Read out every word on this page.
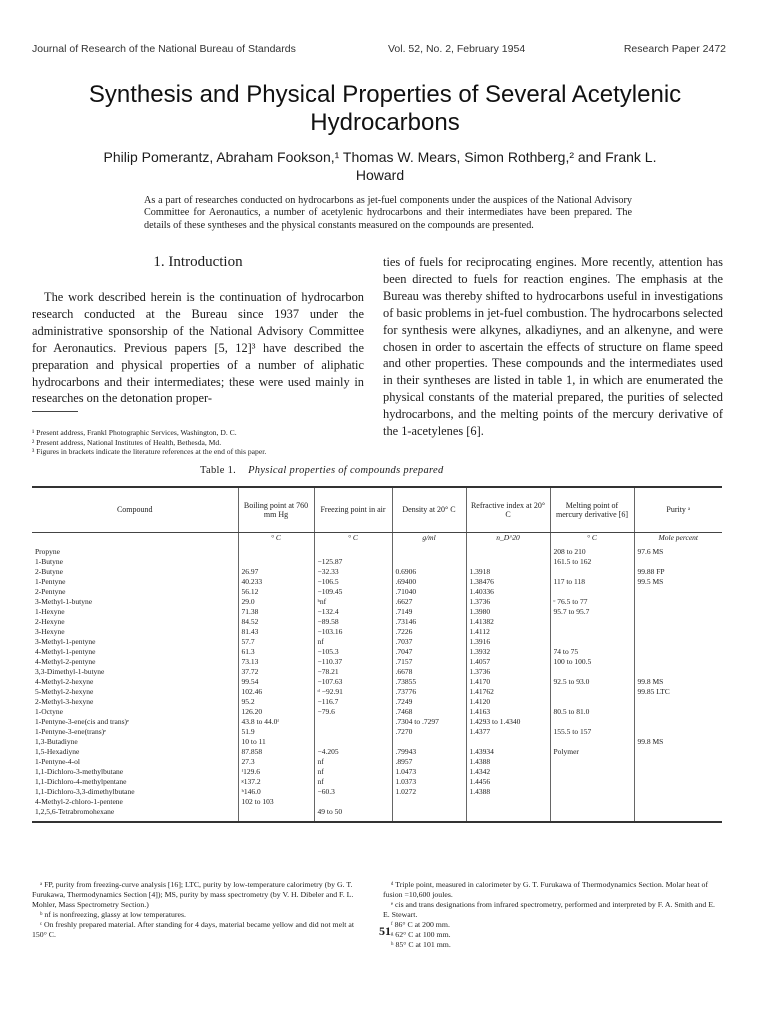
Journal of Research of the National Bureau of Standards	Vol. 52, No. 2, February 1954	Research Paper 2472
Synthesis and Physical Properties of Several Acetylenic
Hydrocarbons
Philip Pomerantz, Abraham Fookson,¹ Thomas W. Mears, Simon Rothberg,² and Frank L.
Howard
As a part of researches conducted on hydrocarbons as jet-fuel components under the auspices of the National Advisory Committee for Aeronautics, a number of acetylenic hydrocarbons and their intermediates have been prepared. The details of these syntheses and the physical constants measured on the compounds are presented.

1. Introduction

The work described herein is the continuation of hydrocarbon research conducted at the Bureau since 1937 under the administrative sponsorship of the National Advisory Committee for Aeronautics. Previous papers [5, 12]³ have described the preparation and physical properties of a number of aliphatic hydrocarbons and their intermediates; these were used mainly in researches on the detonation proper-

¹ Present address, Frankl Photographic Services, Washington, D. C.
² Present address, National Institutes of Health, Bethesda, Md.
³ Figures in brackets indicate the literature references at the end of this paper.
ties of fuels for reciprocating engines. More recently, attention has been directed to fuels for reaction engines. The emphasis at the Bureau was thereby shifted to hydrocarbons useful in investigations of basic problems in jet-fuel combustion. The hydrocarbons selected for synthesis were alkynes, alkadiynes, and an alkenyne, and were chosen in order to ascertain the effects of structure on flame speed and other properties. These compounds and the intermediates used in their syntheses are listed in table 1, in which are enumerated the physical constants of the material prepared, the purities of selected hydrocarbons, and the melting points of the mercury derivative of the 1-acetylenes [6].
Table 1. Physical properties of compounds prepared
Compound	Boiling point at 760 mm Hg	Freezing point in air	Density at 20° C	Refractive index at 20° C	Melting point of mercury derivative [6]	Purity ᵃ
	° C	° C	g/ml	n_D^20	° C	Mole percent
Propyne					208 to 210	97.6 MS
1-Butyne		−125.87			161.5 to 162	
2-Butyne	26.97	−32.33	0.6906	1.3918		99.88 FP
1-Pentyne	40.233	−106.5	.69400	1.38476	117 to 118	99.5 MS
2-Pentyne	56.12	−109.45	.71040	1.40336		
3-Methyl-1-butyne	29.0	ᵇnf	.6627	1.3736	ᶜ 76.5 to 77	
1-Hexyne	71.38	−132.4	.7149	1.3980	95.7 to 95.7	
2-Hexyne	84.52	−89.58	.73146	1.41382		
3-Hexyne	81.43	−103.16	.7226	1.4112		
3-Methyl-1-pentyne	57.7	nf	.7037	1.3916		
4-Methyl-1-pentyne	61.3	−105.3	.7047	1.3932	74 to 75	
4-Methyl-2-pentyne	73.13	−110.37	.7157	1.4057	100 to 100.5	
3,3-Dimethyl-1-butyne	37.72	−78.21	.6678	1.3736		
4-Methyl-2-hexyne	99.54	−107.63	.73855	1.4170	92.5 to 93.0	99.8 MS
5-Methyl-2-hexyne	102.46	ᵈ −92.91	.73776	1.41762		99.85 LTC
2-Methyl-3-hexyne	95.2	−116.7	.7249	1.4120		
1-Octyne	126.20	−79.6	.7468	1.4163	80.5 to 81.0	
1-Pentyne-3-ene(cis and trans)ᵉ	43.8 to 44.0ᶠ		.7304 to .7297	1.4293 to 1.4340		
1-Pentyne-3-ene(trans)ᵉ	51.9		.7270	1.4377	155.5 to 157	
1,3-Butadiyne	10 to 11					99.8 MS
1,5-Hexadiyne	87.858	−4.205	.79943	1.43934	Polymer	
1-Pentyne-4-ol	27.3	nf	.8957	1.4388		
1,1-Dichloro-3-methylbutane	ᶠ129.6	nf	1.0473	1.4342		
1,1-Dichloro-4-methylpentane	ᵍ137.2	nf	1.0373	1.4456		
1,1-Dichloro-3,3-dimethylbutane	ʰ146.0	−60.3	1.0272	1.4388		
4-Methyl-2-chloro-1-pentene	102 to 103					
1,2,5,6-Tetrabromohexane		49 to 50				

ᵃ FP, purity from freezing-curve analysis [16]; LTC, purity by low-temperature calorimetry (by G. T. Furukawa, Thermodynamics Section [4]); MS, purity by mass spectrometry (by V. H. Dibeler and F. L. Mohler, Mass Spectrometry Section.)

ᵇ nf is nonfreezing, glassy at low temperatures.

ᶜ On freshly prepared material. After standing for 4 days, material became yellow and did not melt at 150° C.

ᵈ Triple point, measured in calorimeter by G. T. Furukawa of Thermodynamics Section. Molar heat of fusion =10,600 joules.

ᵉ cis and trans designations from infrared spectrometry, performed and interpreted by F. A. Smith and E. E. Stewart.

ᶠ 86° C at 200 mm.

ᵍ 62° C at 100 mm.

ʰ 85° C at 101 mm.

51
